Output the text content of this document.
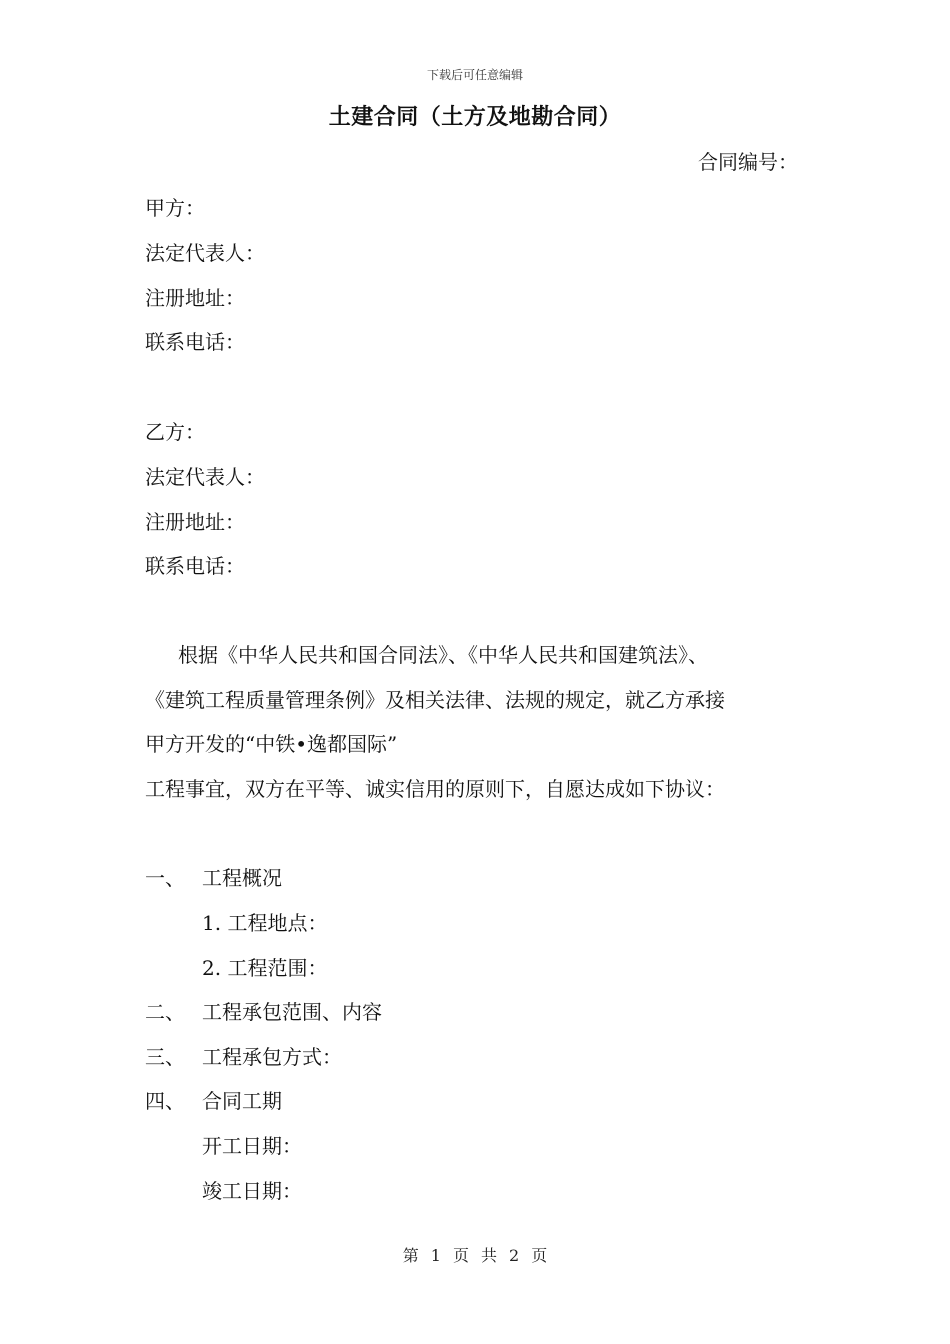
下载后可任意编辑
土建合同（土方及地勘合同）
合同编号：
甲方：
法定代表人：
注册地址：
联系电话：
乙方：
法定代表人：
注册地址：
联系电话：
根据《中华人民共和国合同法》、《中华人民共和国建筑法》、
《建筑工程质量管理条例》及相关法律、法规的规定，就乙方承接
甲方开发的“中铁•逸都国际”
工程事宜，双方在平等、诚实信用的原则下，自愿达成如下协议：
一、 工程概况
1. 工程地点：
2. 工程范围：
二、 工程承包范围、内容
三、 工程承包方式：
四、 合同工期
开工日期：
竣工日期：
第 1 页 共 2 页
